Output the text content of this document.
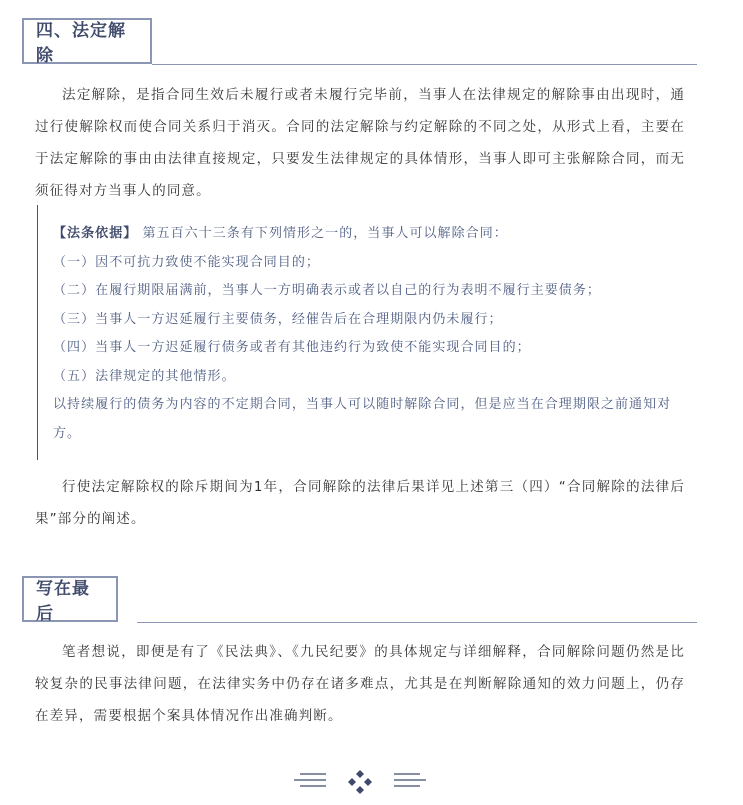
四、法定解除

法定解除，是指合同生效后未履行或者未履行完毕前，当事人在法律规定的解除事由出现时，通过行使解除权而使合同关系归于消灭。合同的法定解除与约定解除的不同之处，从形式上看，主要在于法定解除的事由由法律直接规定，只要发生法律规定的具体情形，当事人即可主张解除合同，而无须征得对方当事人的同意。

【法条依据】 第五百六十三条有下列情形之一的，当事人可以解除合同：
（一）因不可抗力致使不能实现合同目的；
（二）在履行期限届满前，当事人一方明确表示或者以自己的行为表明不履行主要债务；
（三）当事人一方迟延履行主要债务，经催告后在合理期限内仍未履行；
（四）当事人一方迟延履行债务或者有其他违约行为致使不能实现合同目的；
（五）法律规定的其他情形。
以持续履行的债务为内容的不定期合同，当事人可以随时解除合同，但是应当在合理期限之前通知对方。

行使法定解除权的除斥期间为1年，合同解除的法律后果详见上述第三（四）“合同解除的法律后果”部分的阐述。

写在最后

笔者想说，即便是有了《民法典》、《九民纪要》的具体规定与详细解释，合同解除问题仍然是比较复杂的民事法律问题，在法律实务中仍存在诸多难点，尤其是在判断解除通知的效力问题上，仍存在差异，需要根据个案具体情况作出准确判断。
